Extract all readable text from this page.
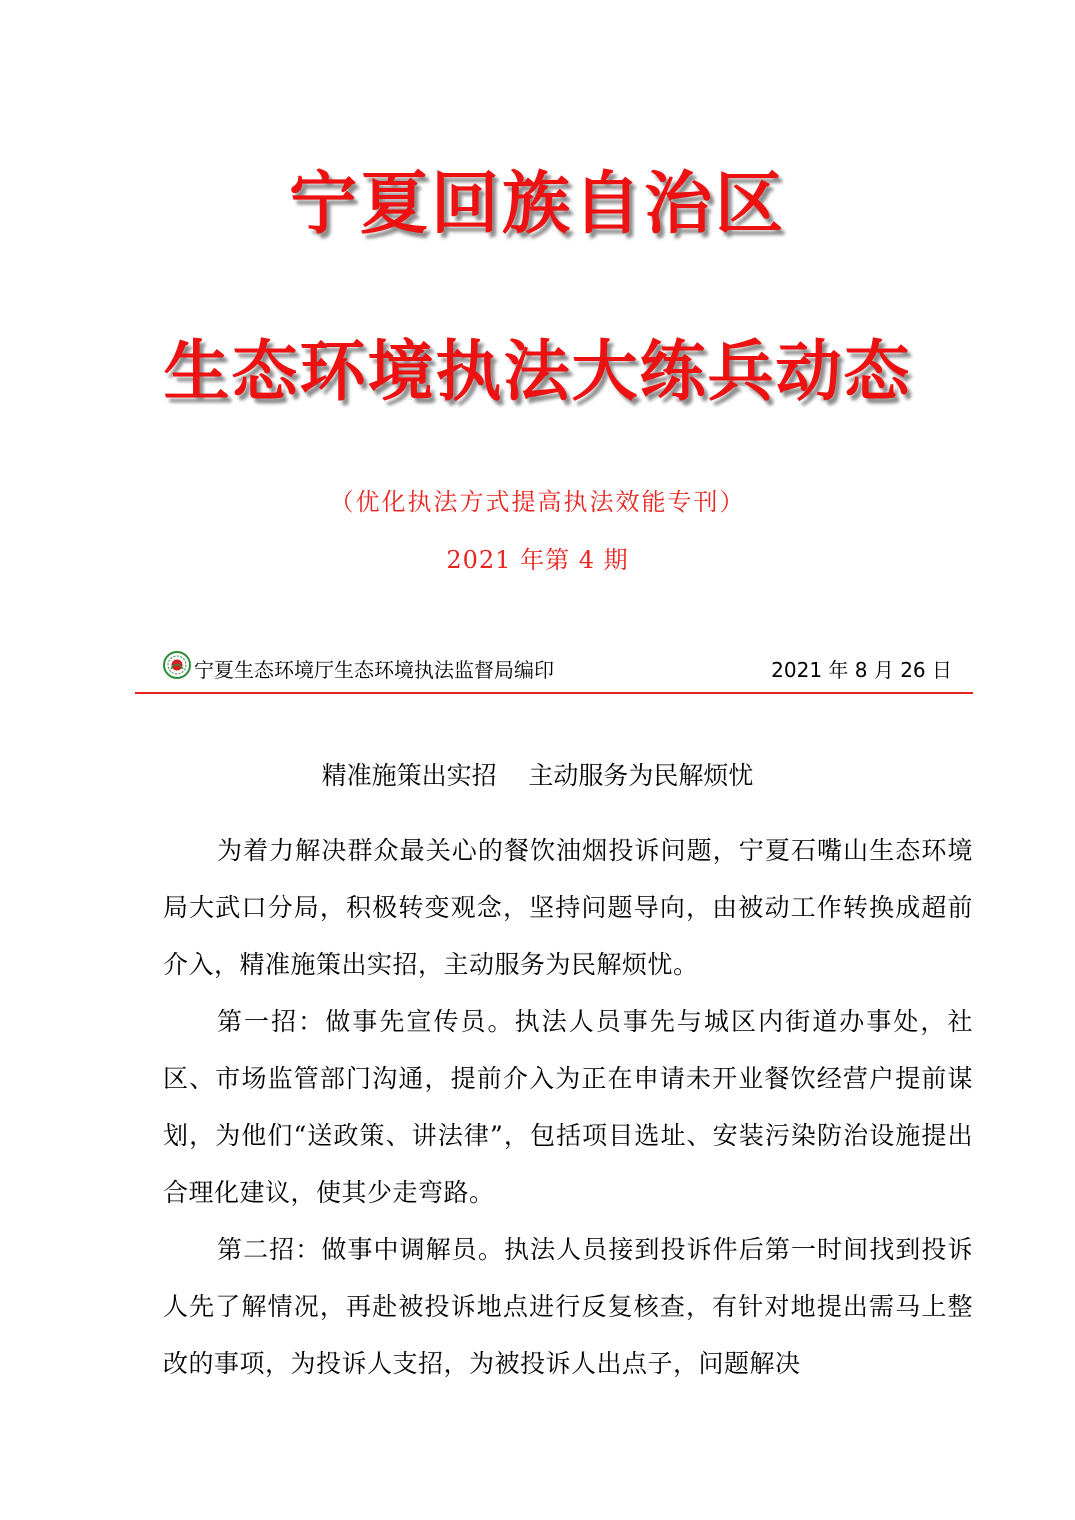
宁夏回族自治区
生态环境执法大练兵动态
（优化执法方式提高执法效能专刊）
2021 年第 4 期
宁夏生态环境厅生态环境执法监督局编印	2021 年 8 月 26 日
精准施策出实招    主动服务为民解烦忧

为着力解决群众最关心的餐饮油烟投诉问题，宁夏石嘴山生态环境局大武口分局，积极转变观念，坚持问题导向，由被动工作转换成超前介入，精准施策出实招，主动服务为民解烦忧。

第一招：做事先宣传员。执法人员事先与城区内街道办事处，社区、市场监管部门沟通，提前介入为正在申请未开业餐饮经营户提前谋划，为他们“送政策、讲法律”，包括项目选址、安装污染防治设施提出合理化建议，使其少走弯路。

第二招：做事中调解员。执法人员接到投诉件后第一时间找到投诉人先了解情况，再赴被投诉地点进行反复核查，有针对地提出需马上整改的事项，为投诉人支招，为被投诉人出点子，问题解决
